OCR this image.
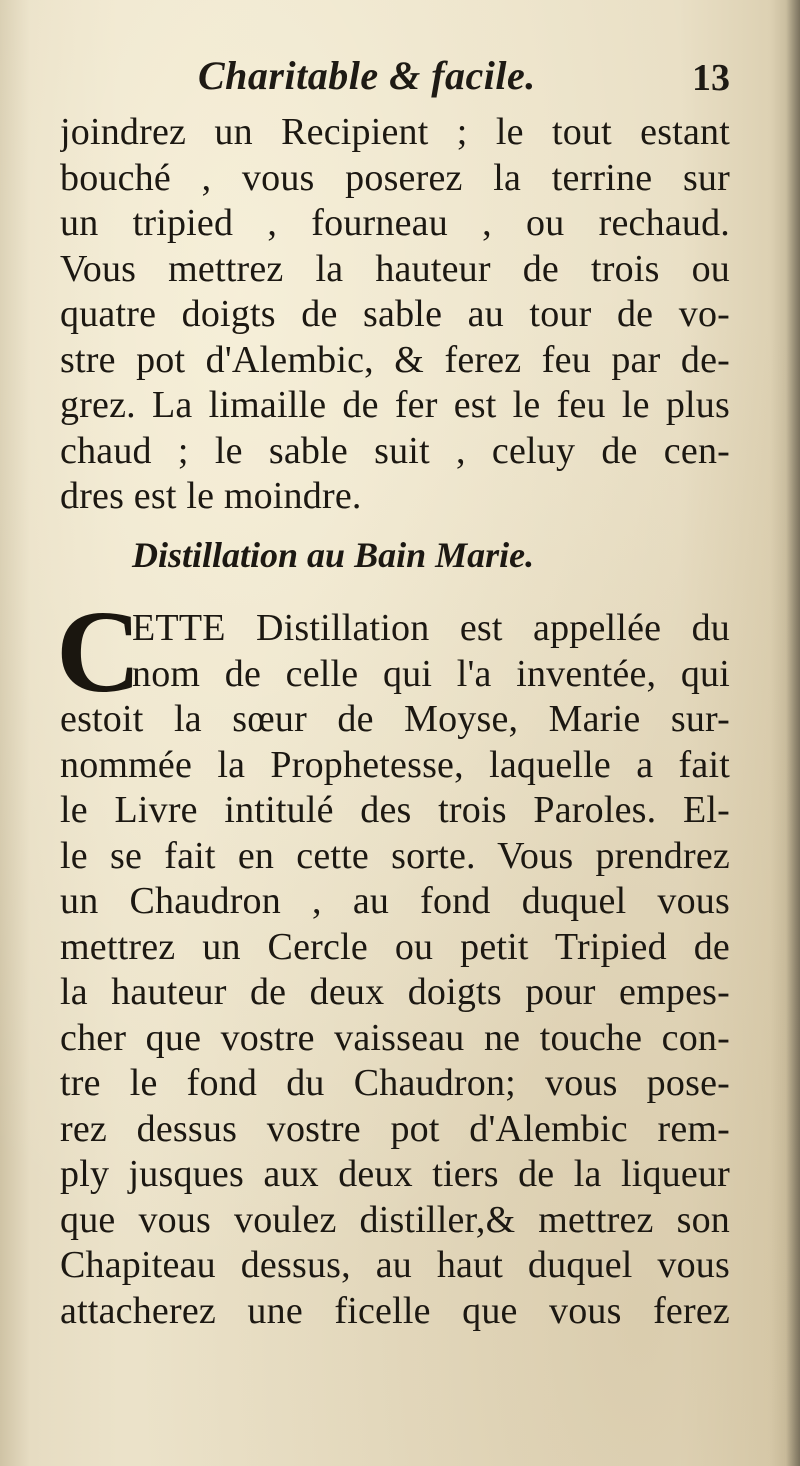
Charitable & facile.	13
joindrez un Recipient ; le tout estant
bouché , vous poserez la terrine sur
un tripied , fourneau , ou rechaud.
Vous mettrez la hauteur de trois ou
quatre doigts de sable au tour de vo-
stre pot d'Alembic, & ferez feu par de-
grez. La limaille de fer est le feu le plus
chaud ; le sable suit , celuy de cen-
dres est le moindre.
Distillation au Bain Marie.
C
ETTE Distillation est appellée du
nom de celle qui l'a inventée, qui
estoit la sœur de Moyse, Marie sur-
nommée la Prophetesse, laquelle a fait
le Livre intitulé des trois Paroles. El-
le se fait en cette sorte. Vous prendrez
un Chaudron , au fond duquel vous
mettrez un Cercle ou petit Tripied de
la hauteur de deux doigts pour empes-
cher que vostre vaisseau ne touche con-
tre le fond du Chaudron; vous pose-
rez dessus vostre pot d'Alembic rem-
ply jusques aux deux tiers de la liqueur
que vous voulez distiller,& mettrez son
Chapiteau dessus, au haut duquel vous
attacherez une ficelle que vous ferez
